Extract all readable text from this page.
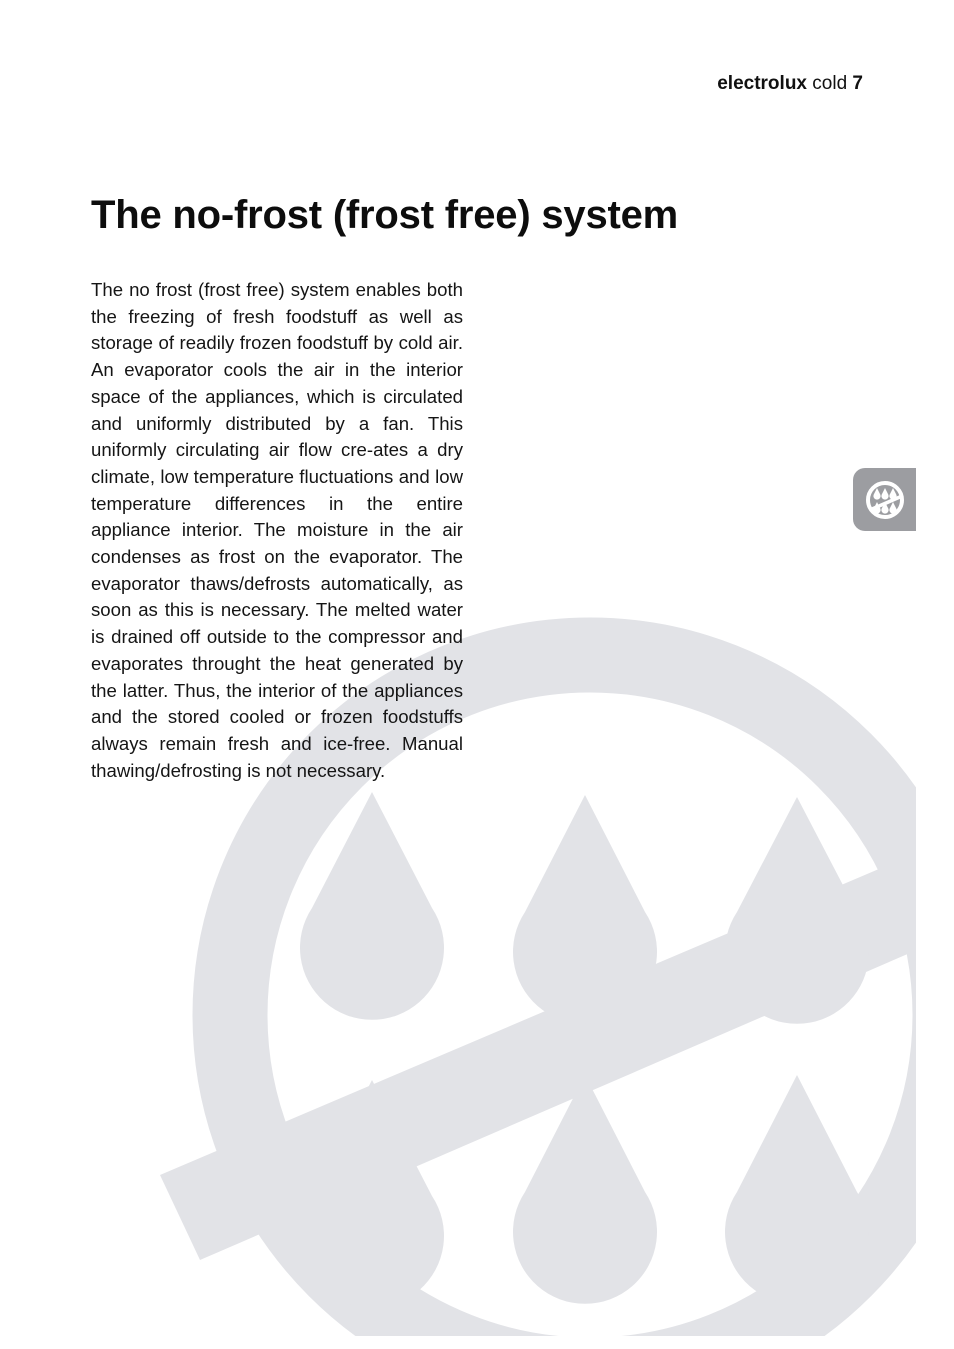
electrolux cold 7
The no-frost (frost free) system

The no frost (frost free) system enables both the freezing of fresh foodstuff as well as storage of readily frozen foodstuff by cold air. An evaporator cools the air in the interior space of the appliances, which is circulated and uniformly distributed by a fan. This uniformly circulating air flow cre-ates a dry climate, low temperature fluctuations and low temperature differences in the entire appliance interior. The moisture in the air condenses as frost on the evaporator. The evaporator thaws/defrosts automatically, as soon as this is necessary. The melted water is drained off outside to the compressor and evaporates throught the heat generated by the latter. Thus, the interior of the appliances and the stored cooled or frozen foodstuffs always remain fresh and ice-free. Manual thawing/defrosting is not necessary.
